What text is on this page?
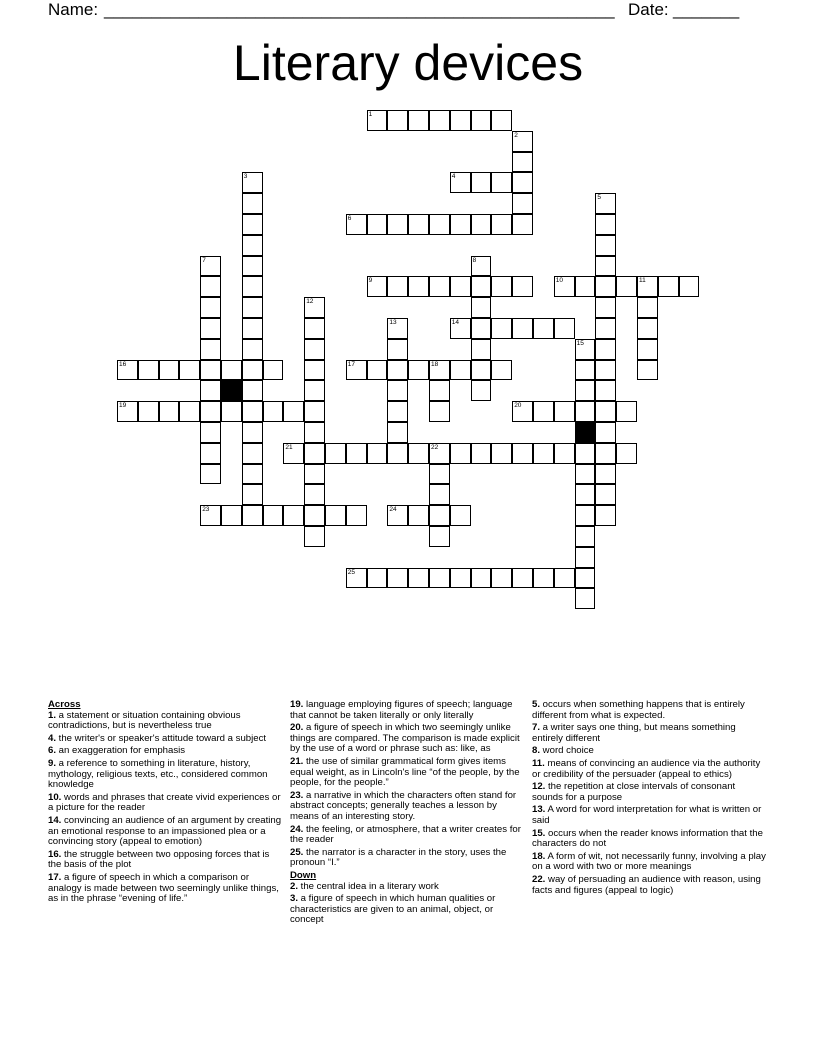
Name:

______________________________________________________

Date:

_______

Literary devices
1
2
3	4
5
6
7	8
9	10	11
12
13	14
15
16	17	18
19	20
21	22
23	24
25
Across
1. a statement or situation containing obvious contradictions, but is nevertheless true
4. the writer's or speaker's attitude toward a subject
6. an exaggeration for emphasis
9. a reference to something in literature, history, mythology, religious texts, etc., considered common knowledge
10. words and phrases that create vivid experiences or a picture for the reader
14. convincing an audience of an argument by creating an emotional response to an impassioned plea or a convincing story (appeal to emotion)
16. the struggle between two opposing forces that is the basis of the plot
17. a figure of speech in which a comparison or analogy is made between two seemingly unlike things, as in the phrase “evening of life.”
19. language employing figures of speech; language that cannot be taken literally or only literally
20. a figure of speech in which two seemingly unlike things are compared. The comparison is made explicit by the use of a word or phrase such as: like, as
21. the use of similar grammatical form gives items equal weight, as in Lincoln's line “of the people, by the people, for the people.”
23. a narrative in which the characters often stand for abstract concepts; generally teaches a lesson by means of an interesting story.
24. the feeling, or atmosphere, that a writer creates for the reader
25. the narrator is a character in the story, uses the pronoun “I.”
Down
2. the central idea in a literary work
3. a figure of speech in which human qualities or characteristics are given to an animal, object, or concept
5. occurs when something happens that is entirely different from what is expected.
7. a writer says one thing, but means something entirely different
8. word choice
11. means of convincing an audience via the authority or credibility of the persuader (appeal to ethics)
12. the repetition at close intervals of consonant sounds for a purpose
13. A word for word interpretation for what is written or said
15. occurs when the reader knows information that the characters do not
18. A form of wit, not necessarily funny, involving a play on a word with two or more meanings
22. way of persuading an audience with reason, using facts and figures (appeal to logic)
